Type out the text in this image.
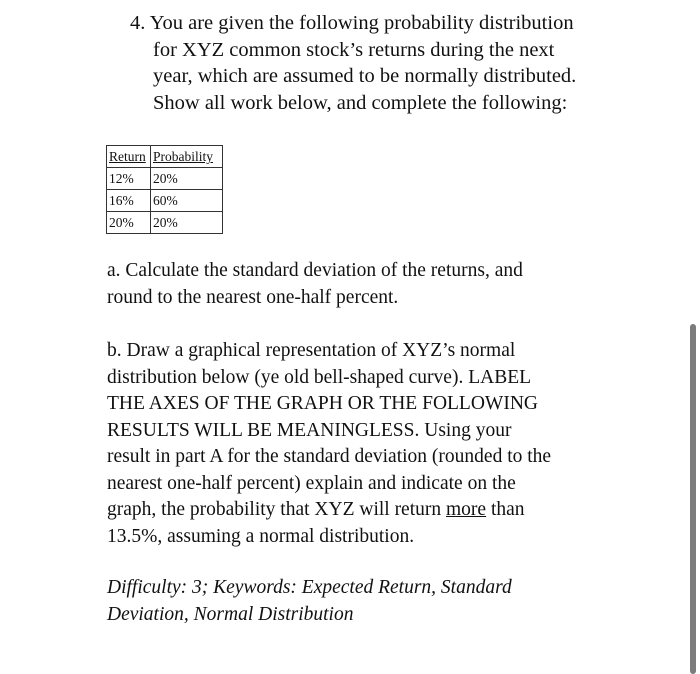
4. You are given the following probability distribution
for XYZ common stock’s returns during the next
year, which are assumed to be normally distributed.
Show all work below, and complete the following:
Return	Probability
12%	20%
16%	60%
20%	20%
a. Calculate the standard deviation of the returns, and
round to the nearest one-half percent.
b. Draw a graphical representation of XYZ’s normal
distribution below (ye old bell-shaped curve). LABEL
THE AXES OF THE GRAPH OR THE FOLLOWING
RESULTS WILL BE MEANINGLESS. Using your
result in part A for the standard deviation (rounded to the
nearest one-half percent) explain and indicate on the
graph, the probability that XYZ will return more than
13.5%, assuming a normal distribution.
Difficulty: 3; Keywords: Expected Return, Standard
Deviation, Normal Distribution
